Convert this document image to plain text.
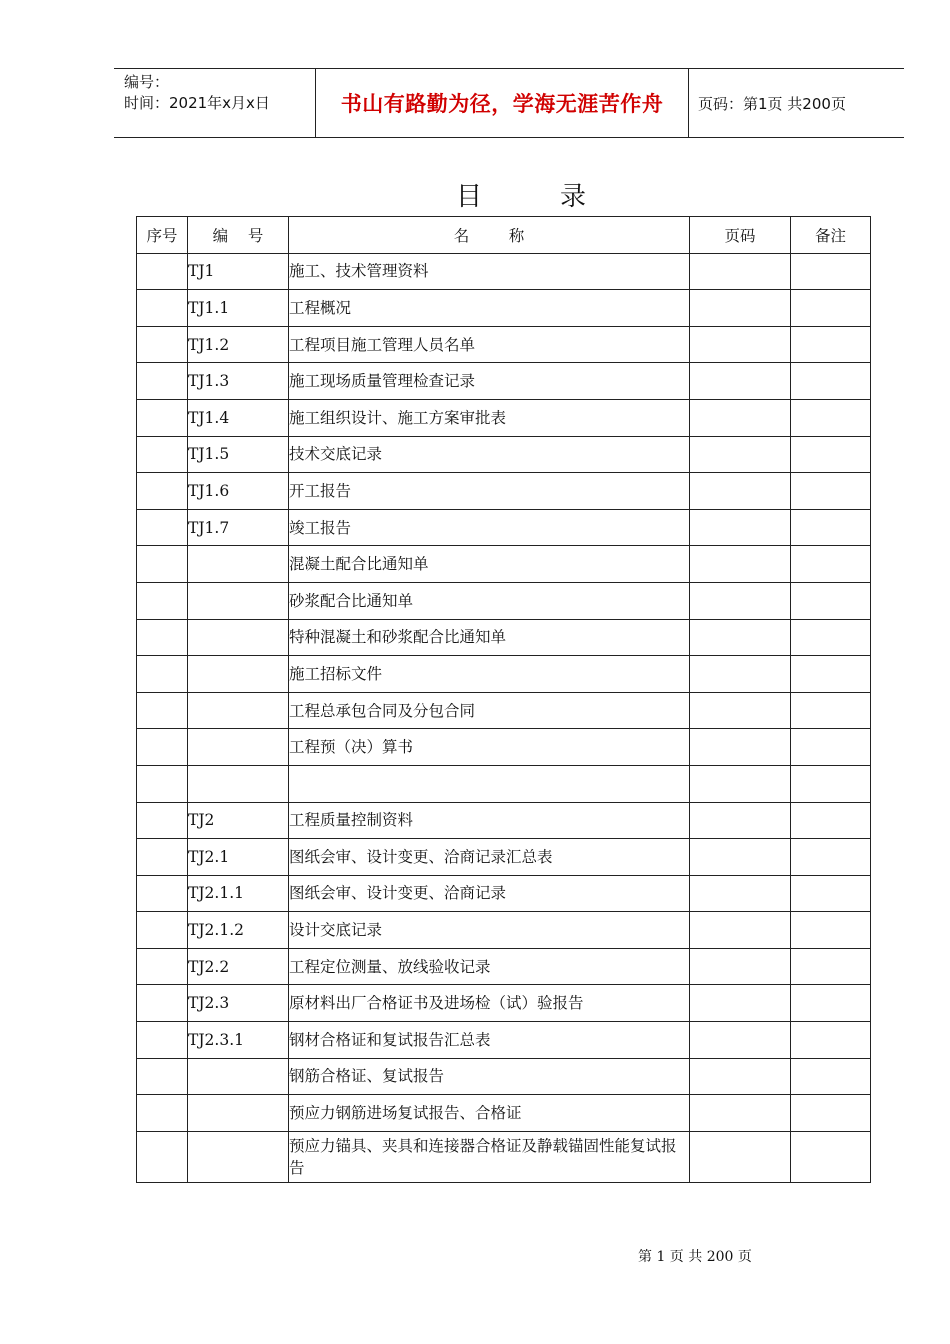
编号：
时间：2021年x月x日	书山有路勤为径，学海无涯苦作舟	页码：第1页 共200页
目	录
序号	编    号	名        称	页码	备注
	TJ1	施工、技术管理资料		
	TJ1.1	工程概况		
	TJ1.2	工程项目施工管理人员名单		
	TJ1.3	施工现场质量管理检查记录		
	TJ1.4	施工组织设计、施工方案审批表		
	TJ1.5	技术交底记录		
	TJ1.6	开工报告		
	TJ1.7	竣工报告		
		混凝土配合比通知单		
		砂浆配合比通知单		
		特种混凝土和砂浆配合比通知单		
		施工招标文件		
		工程总承包合同及分包合同		
		工程预（决）算书		

	TJ2	工程质量控制资料		
	TJ2.1	图纸会审、设计变更、洽商记录汇总表		
	TJ2.1.1	图纸会审、设计变更、洽商记录		
	TJ2.1.2	设计交底记录		
	TJ2.2	工程定位测量、放线验收记录		
	TJ2.3	原材料出厂合格证书及进场检（试）验报告		
	TJ2.3.1	钢材合格证和复试报告汇总表		
		钢筋合格证、复试报告		
		预应力钢筋进场复试报告、合格证		
		预应力锚具、夹具和连接器合格证及静载锚固性能复试报告		
第 1 页 共 200 页
